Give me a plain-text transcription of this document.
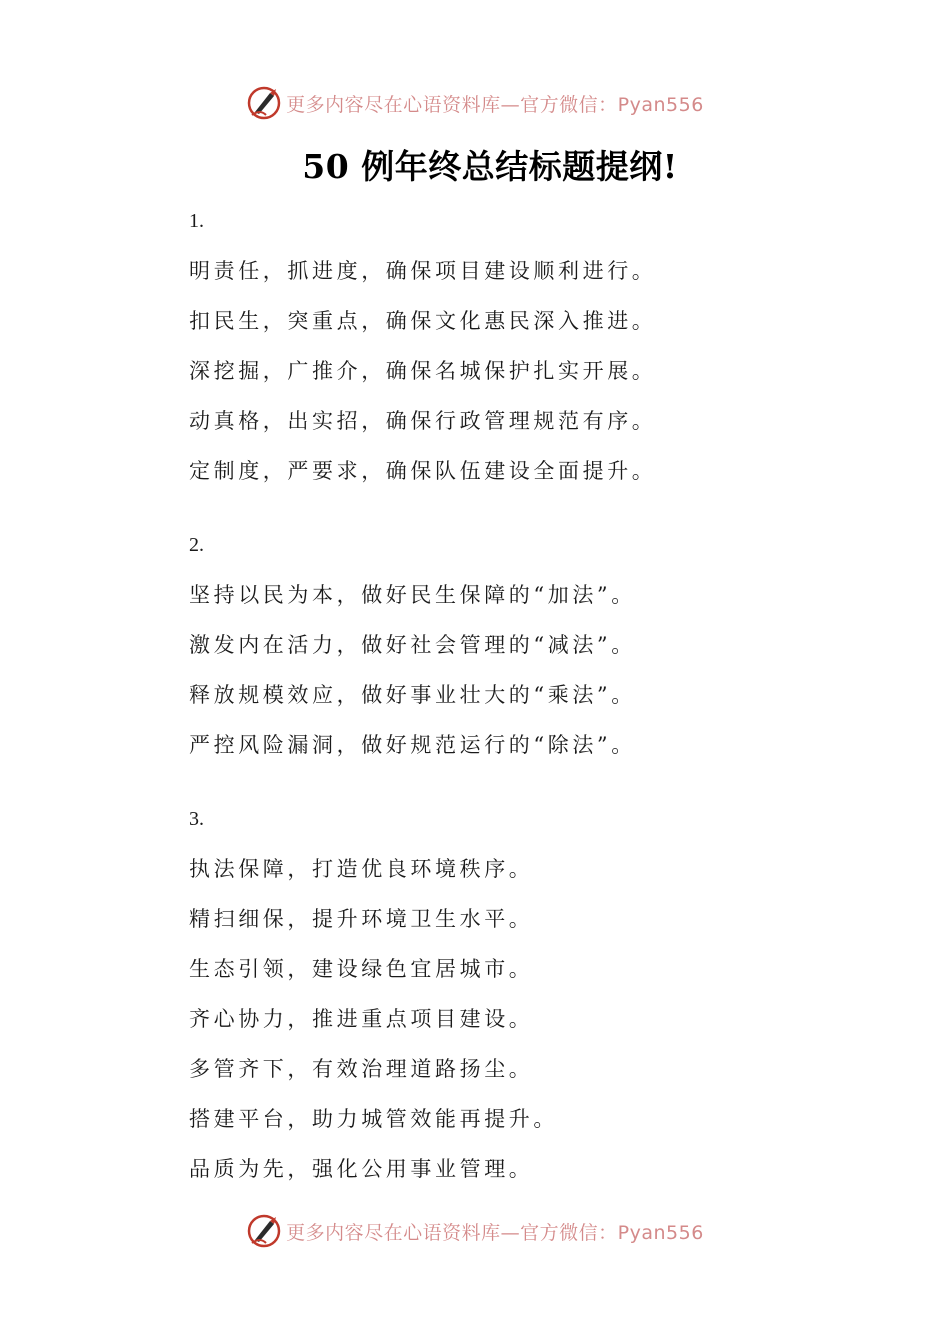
更多内容尽在心语资料库—官方微信：Pyan556
50 例年终总结标题提纲!
1.
明责任，抓进度，确保项目建设顺利进行。
扣民生，突重点，确保文化惠民深入推进。
深挖掘，广推介，确保名城保护扎实开展。
动真格，出实招，确保行政管理规范有序。
定制度，严要求，确保队伍建设全面提升。
2.
坚持以民为本，做好民生保障的“加法”。
激发内在活力，做好社会管理的“减法”。
释放规模效应，做好事业壮大的“乘法”。
严控风险漏洞，做好规范运行的“除法”。
3.
执法保障，打造优良环境秩序。
精扫细保，提升环境卫生水平。
生态引领，建设绿色宜居城市。
齐心协力，推进重点项目建设。
多管齐下，有效治理道路扬尘。
搭建平台，助力城管效能再提升。
品质为先，强化公用事业管理。
更多内容尽在心语资料库—官方微信：Pyan556
